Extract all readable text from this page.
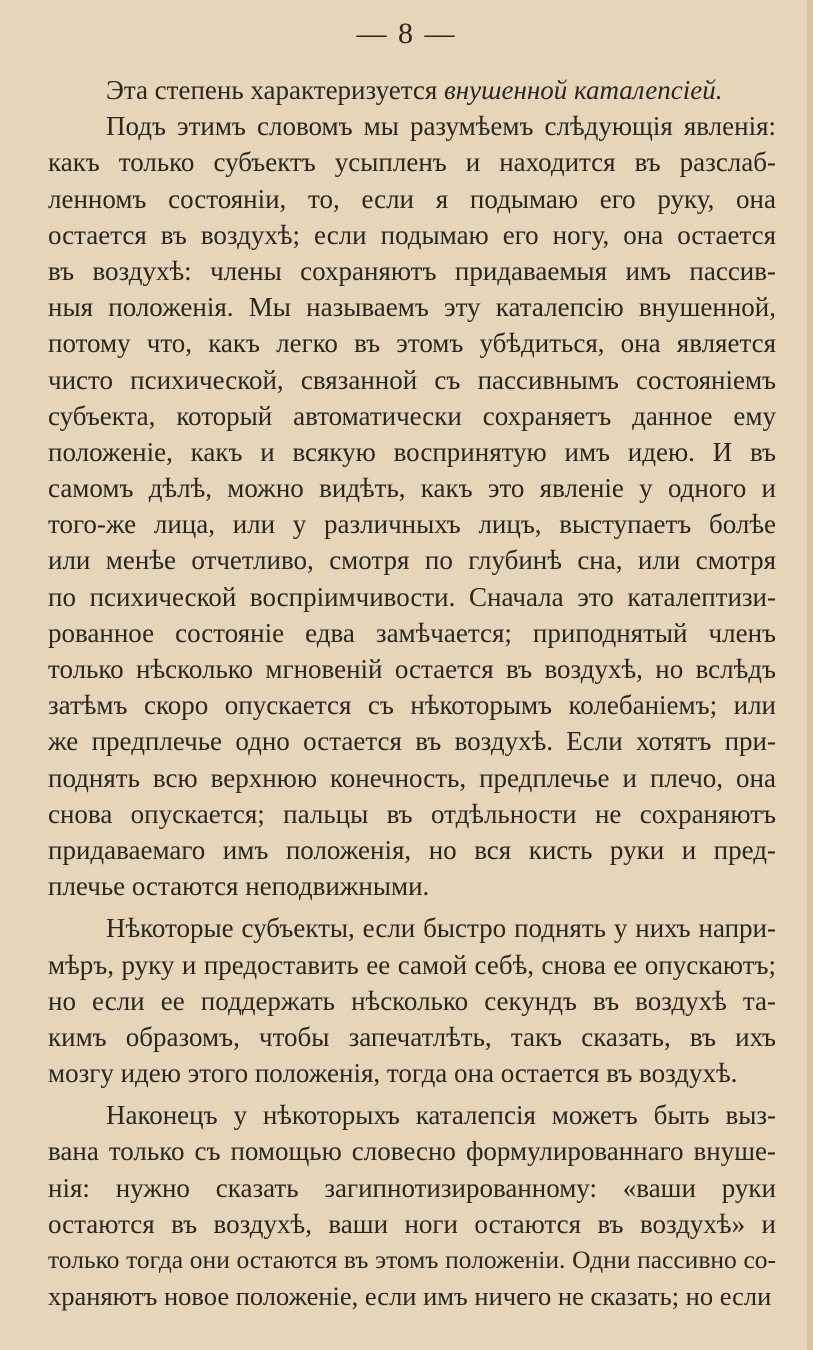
— 8 —
Эта степень характеризуется внушенной каталепсіей.
Подъ этимъ словомъ мы разумѣемъ слѣдующія явленія:
какъ только субъектъ усыпленъ и находится въ разслаб-
ленномъ состояніи, то, если я подымаю его руку, она
остается въ воздухѣ; если подымаю его ногу, она остается
въ воздухѣ: члены сохраняютъ придаваемыя имъ пассив-
ныя положенія. Мы называемъ эту каталепсію внушенной,
потому что, какъ легко въ этомъ убѣдиться, она является
чисто психической, связанной съ пассивнымъ состояніемъ
субъекта, который автоматически сохраняетъ данное ему
положеніе, какъ и всякую воспринятую имъ идею. И въ
самомъ дѣлѣ, можно видѣть, какъ это явленіе у одного и
того-же лица, или у различныхъ лицъ, выступаетъ болѣе
или менѣе отчетливо, смотря по глубинѣ сна, или смотря
по психической воспріимчивости. Сначала это каталептизи-
рованное состояніе едва замѣчается; приподнятый членъ
только нѣсколько мгновеній остается въ воздухѣ, но вслѣдъ
затѣмъ скоро опускается съ нѣкоторымъ колебаніемъ; или
же предплечье одно остается въ воздухѣ. Если хотятъ при-
поднять всю верхнюю конечность, предплечье и плечо, она
снова опускается; пальцы въ отдѣльности не сохраняютъ
придаваемаго имъ положенія, но вся кисть руки и пред-
плечье остаются неподвижными.
Нѣкоторые субъекты, если быстро поднять у нихъ напри-
мѣръ, руку и предоставить ее самой себѣ, снова ее опускаютъ;
но если ее поддержать нѣсколько секундъ въ воздухѣ та-
кимъ образомъ, чтобы запечатлѣть, такъ сказать, въ ихъ
мозгу идею этого положенія, тогда она остается въ воздухѣ.
Наконецъ у нѣкоторыхъ каталепсія можетъ быть выз-
вана только съ помощью словесно формулированнаго внуше-
нія: нужно сказать загипнотизированному: «ваши руки
остаются въ воздухѣ, ваши ноги остаются въ воздухѣ» и
только тогда они остаются въ этомъ положеніи. Одни пассивно со-
храняютъ новое положеніе, если имъ ничего не сказать; но если
